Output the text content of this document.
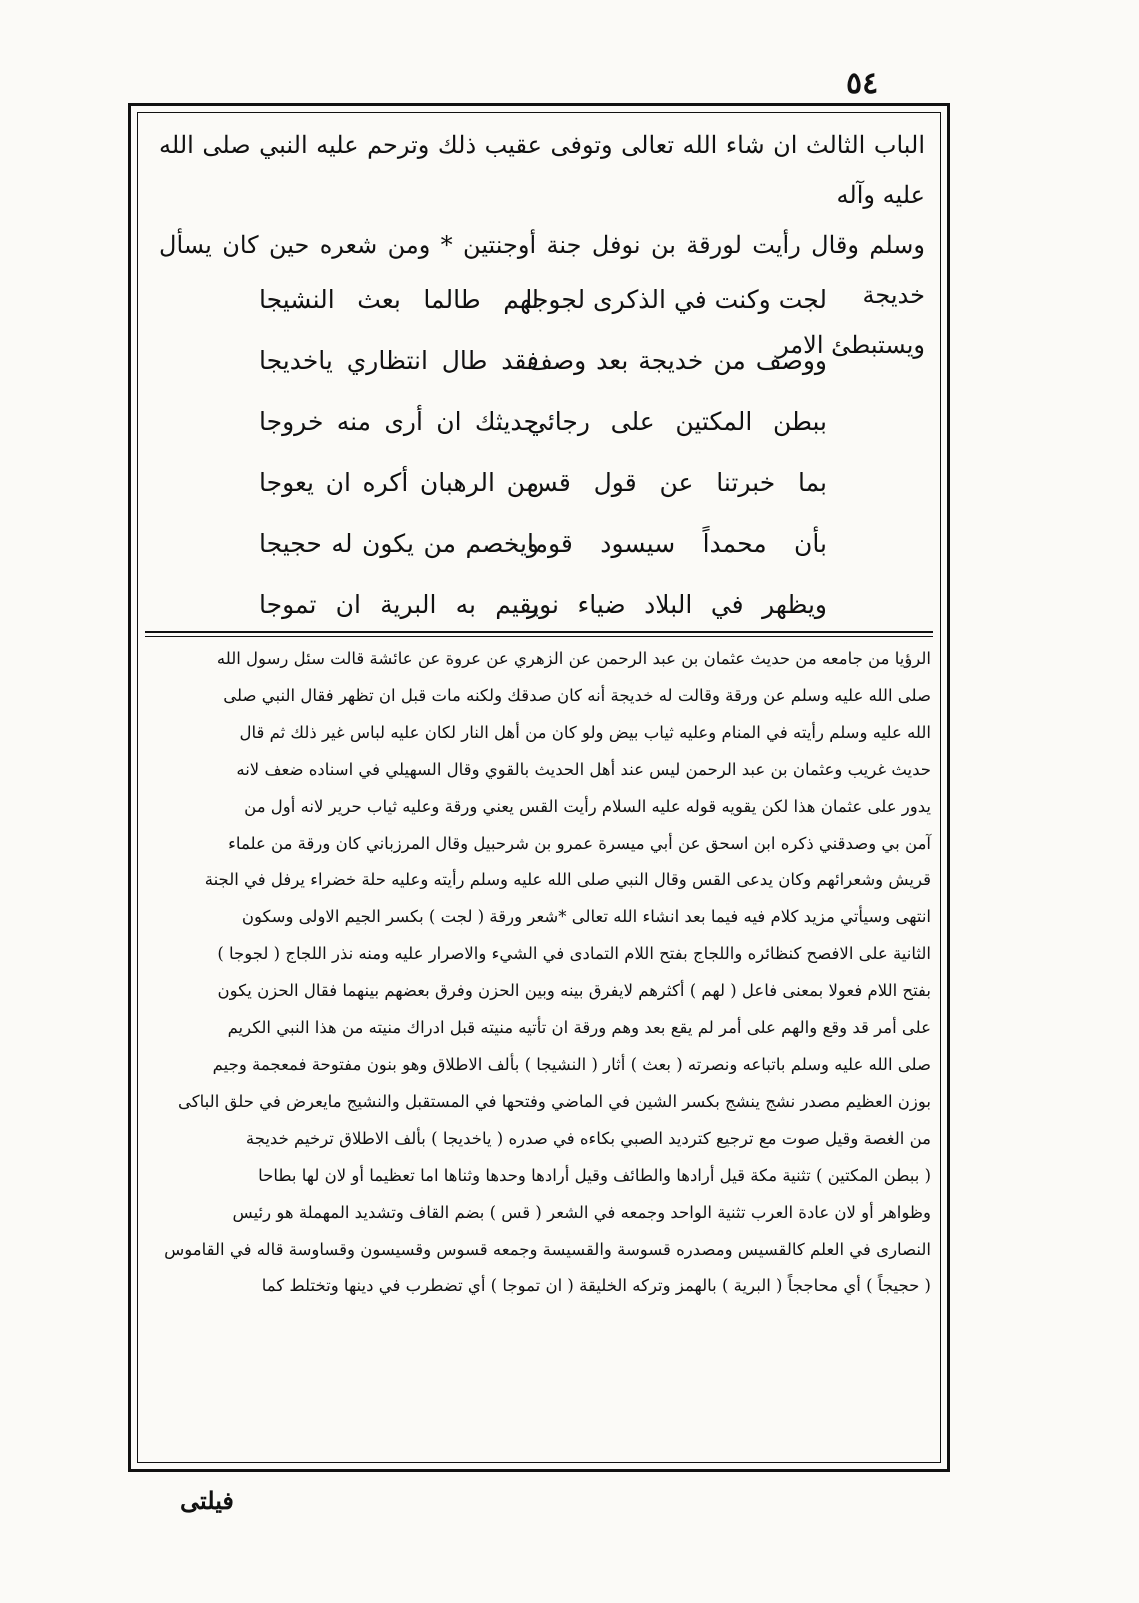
٥٤

الباب الثالث ان شاء الله تعالى وتوفى عقيب ذلك وترحم عليه النبي صلى الله عليه وآله

وسلم وقال رأيت لورقة بن نوفل جنة أوجنتين * ومن شعره حين كان يسأل خديجة

ويستبطئ الامر

لجت وكنت في الذكرى لجوجا
لهم طالما بعث النشيجا
ووصف من خديجة بعد وصف
فقد طال انتظاري ياخديجا
ببطن المكتين على رجائي
حديثك ان أرى منه خروجا
بما خبرتنا عن قول قس
من الرهبان أكره ان يعوجا
بأن محمداً سيسود قوما
ويخصم من يكون له حجيجا
ويظهر في البلاد ضياء نور
يقيم به البرية ان تموجا

الرؤيا من جامعه من حديث عثمان بن عبد الرحمن عن الزهري عن عروة عن عائشة قالت سئل رسول الله

صلى الله عليه وسلم عن ورقة وقالت له خديجة أنه كان صدقك ولكنه مات قبل ان تظهر فقال النبي صلى

الله عليه وسلم رأيته في المنام وعليه ثياب بيض ولو كان من أهل النار لكان عليه لباس غير ذلك ثم قال

حديث غريب وعثمان بن عبد الرحمن ليس عند أهل الحديث بالقوي وقال السهيلي في اسناده ضعف لانه

يدور على عثمان هذا لكن يقويه قوله عليه السلام رأيت القس يعني ورقة وعليه ثياب حرير لانه أول من

آمن بي وصدقني ذكره ابن اسحق عن أبي ميسرة عمرو بن شرحبيل وقال المرزباني كان ورقة من علماء

قريش وشعرائهم وكان يدعى القس وقال النبي صلى الله عليه وسلم رأيته وعليه حلة خضراء يرفل في الجنة

انتهى وسيأتي مزيد كلام فيه فيما بعد انشاء الله تعالى *شعر ورقة ( لجت ) بكسر الجيم الاولى وسكون

الثانية على الافصح كنظائره واللجاج بفتح اللام التمادى في الشيء والاصرار عليه ومنه نذر اللجاج ( لجوجا )

بفتح اللام فعولا بمعنى فاعل ( لهم ) أكثرهم لايفرق بينه وبين الحزن وفرق بعضهم بينهما فقال الحزن يكون

على أمر قد وقع والهم على أمر لم يقع بعد وهم ورقة ان تأتيه منيته قبل ادراك منيته من هذا النبي الكريم

صلى الله عليه وسلم باتباعه ونصرته ( بعث ) أثار ( النشيجا ) بألف الاطلاق وهو بنون مفتوحة فمعجمة وجيم

بوزن العظيم مصدر نشج ينشج بكسر الشين في الماضي وفتحها في المستقبل والنشيج مايعرض في حلق الباكى

من الغصة وقيل صوت مع ترجيع كترديد الصبي بكاءه في صدره ( ياخديجا ) بألف الاطلاق ترخيم خديجة

( ببطن المكتين ) تثنية مكة قيل أرادها والطائف وقيل أرادها وحدها وثناها اما تعظيما أو لان لها بطاحا

وظواهر أو لان عادة العرب تثنية الواحد وجمعه في الشعر ( قس ) بضم القاف وتشديد المهملة هو رئيس

النصارى في العلم كالقسيس ومصدره قسوسة والقسيسة وجمعه قسوس وقسيسون وقساوسة قاله في القاموس

( حجيجاً ) أي محاججاً ( البرية ) بالهمز وتركه الخليقة ( ان تموجا ) أي تضطرب في دينها وتختلط كما

فيلتى
